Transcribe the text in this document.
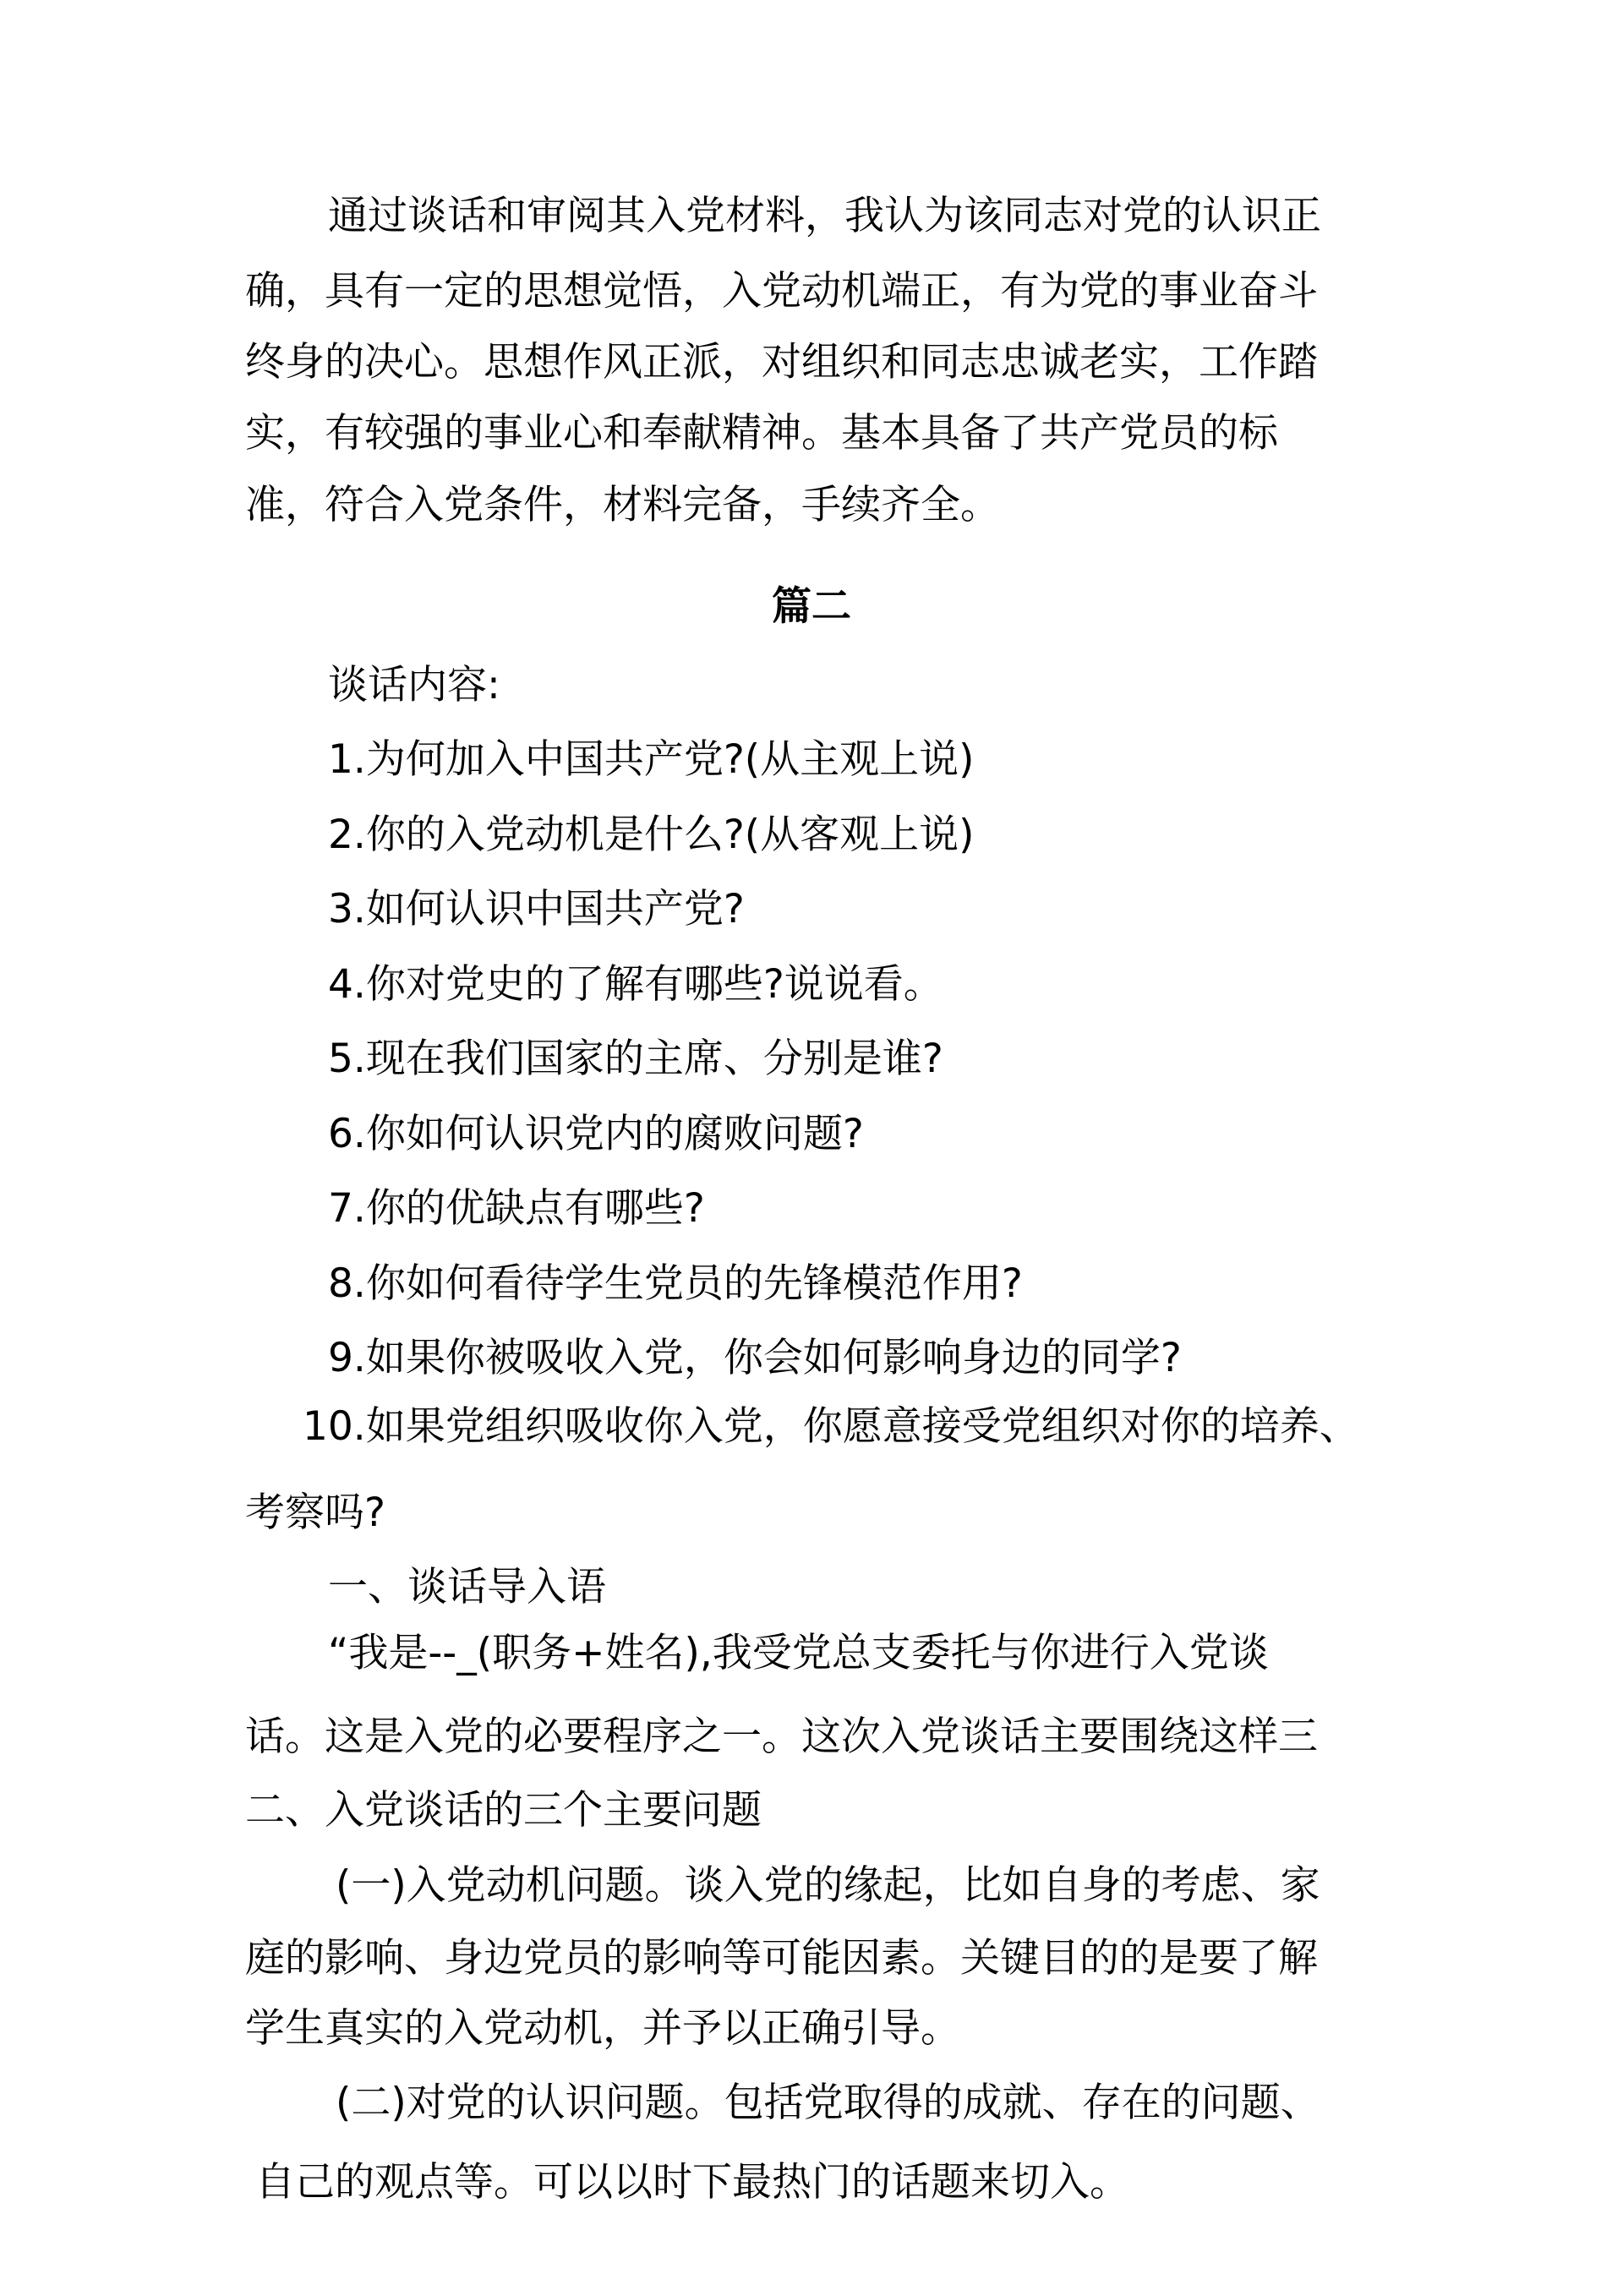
通过谈话和审阅其入党材料，我认为该同志对党的认识正

确，具有一定的思想觉悟，入党动机端正，有为党的事业奋斗

终身的决心。思想作风正派，对组织和同志忠诚老实，工作踏

实，有较强的事业心和奉献精神。基本具备了共产党员的标

准，符合入党条件，材料完备，手续齐全。

篇二

谈话内容:

1.为何加入中国共产党?(从主观上说)

2.你的入党动机是什么?(从客观上说)

3.如何认识中国共产党?

4.你对党史的了解有哪些?说说看。

5.现在我们国家的主席、分别是谁?

6.你如何认识党内的腐败问题?

7.你的优缺点有哪些?

8.你如何看待学生党员的先锋模范作用?

9.如果你被吸收入党，你会如何影响身边的同学?

10.如果党组织吸收你入党，你愿意接受党组织对你的培养、

考察吗?

一、谈话导入语

“我是--_(职务+姓名),我受党总支委托与你进行入党谈

话。这是入党的必要程序之一。这次入党谈话主要围绕这样三

二、入党谈话的三个主要问题

(一)入党动机问题。谈入党的缘起，比如自身的考虑、家

庭的影响、身边党员的影响等可能因素。关键目的的是要了解

学生真实的入党动机，并予以正确引导。

(二)对党的认识问题。包括党取得的成就、存在的问题、

自己的观点等。可以以时下最热门的话题来切入。
